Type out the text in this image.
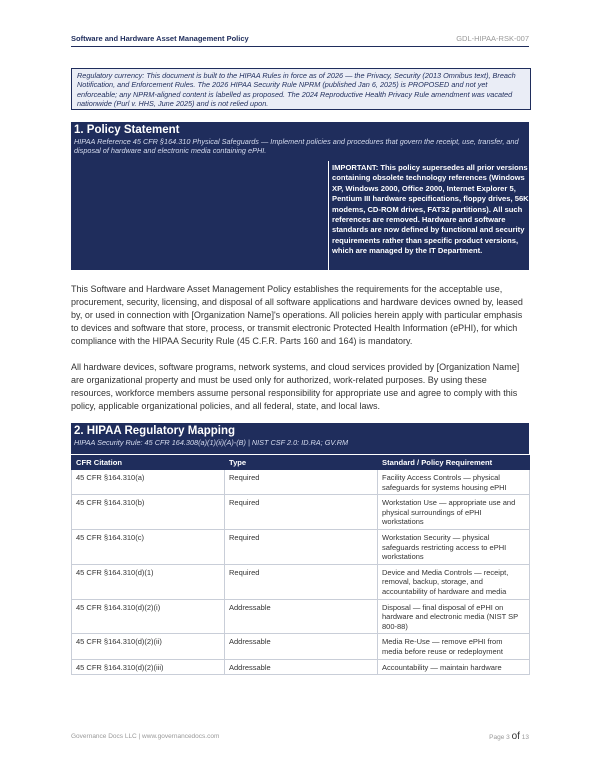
Software and Hardware Asset Management Policy	GDL-HIPAA-RSK-007
Regulatory currency: This document is built to the HIPAA Rules in force as of 2026 — the Privacy, Security (2013 Omnibus text), Breach Notification, and Enforcement Rules. The 2026 HIPAA Security Rule NPRM (published Jan 6, 2025) is PROPOSED and not yet enforceable; any NPRM-aligned content is labelled as proposed. The 2024 Reproductive Health Privacy Rule amendment was vacated nationwide (Purl v. HHS, June 2025) and is not relied upon.
1. Policy Statement
HIPAA Reference 45 CFR §164.310 Physical Safeguards — Implement policies and procedures that govern the receipt, use, transfer, and disposal of hardware and electronic media containing ePHI.
IMPORTANT: This policy supersedes all prior versions containing obsolete technology references (Windows XP, Windows 2000, Office 2000, Internet Explorer 5, Pentium III hardware specifications, floppy drives, 56K modems, CD-ROM drives, FAT32 partitions). All such references are removed. Hardware and software standards are now defined by functional and security requirements rather than specific product versions, which are managed by the IT Department.

This Software and Hardware Asset Management Policy establishes the requirements for the acceptable use, procurement, security, licensing, and disposal of all software applications and hardware devices owned by, leased by, or used in connection with [Organization Name]'s operations. All policies herein apply with particular emphasis to devices and software that store, process, or transmit electronic Protected Health Information (ePHI), for which compliance with the HIPAA Security Rule (45 C.F.R. Parts 160 and 164) is mandatory.

All hardware devices, software programs, network systems, and cloud services provided by [Organization Name] are organizational property and must be used only for authorized, work-related purposes. By using these resources, workforce members assume personal responsibility for appropriate use and agree to comply with this policy, applicable organizational policies, and all federal, state, and local laws.

2. HIPAA Regulatory Mapping
HIPAA Security Rule: 45 CFR 164.308(a)(1)(ii)(A)-(B) | NIST CSF 2.0: ID.RA; GV.RM
CFR Citation	Type	Standard / Policy Requirement
45 CFR §164.310(a)	Required	Facility Access Controls — physical safeguards for systems housing ePHI
45 CFR §164.310(b)	Required	Workstation Use — appropriate use and physical surroundings of ePHI workstations
45 CFR §164.310(c)	Required	Workstation Security — physical safeguards restricting access to ePHI workstations
45 CFR §164.310(d)(1)	Required	Device and Media Controls — receipt, removal, backup, storage, and accountability of hardware and media
45 CFR §164.310(d)(2)(i)	Addressable	Disposal — final disposal of ePHI on hardware and electronic media (NIST SP 800-88)
45 CFR §164.310(d)(2)(ii)	Addressable	Media Re-Use — remove ePHI from media before reuse or redeployment
45 CFR §164.310(d)(2)(iii)	Addressable	Accountability — maintain hardware
Governance Docs LLC | www.governancedocs.com	Page 3 of 13
